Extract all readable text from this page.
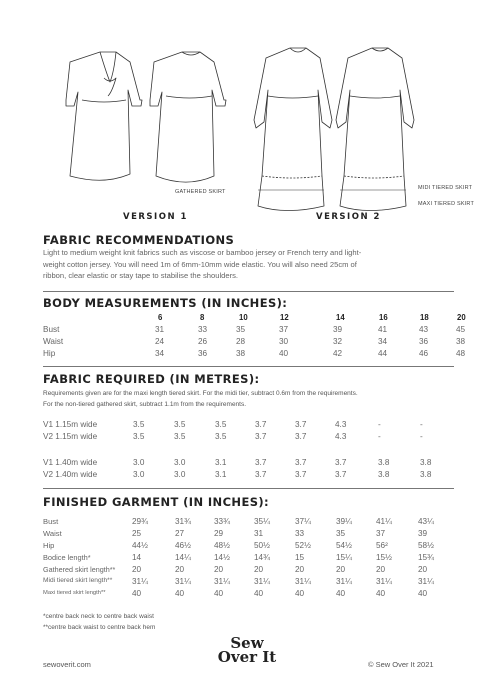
GATHERED SKIRT
MIDI TIERED SKIRT
MAXI TIERED SKIRT
VERSION 1	VERSION 2
FABRIC RECOMMENDATIONS
Light to medium weight knit fabrics such as viscose or bamboo jersey or French terry and light-
weight cotton jersey. You will need 1m of 6mm-10mm wide elastic. You will also need 25cm of
ribbon, clear elastic or stay tape to stabilise the shoulders.
BODY MEASUREMENTS (IN INCHES):
6	8	10	12	14	16	18	20
Bust	31	33	35	37	39	41	43	45
Waist	24	26	28	30	32	34	36	38
Hip	34	36	38	40	42	44	46	48
FABRIC REQUIRED (IN METRES):
Requirements given are for the maxi length tiered skirt. For the midi tier, subtract 0.6m from the requirements.
For the non-tiered gathered skirt, subtract 1.1m from the requirements.
V1 1.15m wide	3.5	3.5	3.5	3.7	3.7	4.3	-	-
V2 1.15m wide	3.5	3.5	3.5	3.7	3.7	4.3	-	-
V1 1.40m wide	3.0	3.0	3.1	3.7	3.7	3.7	3.8	3.8
V2 1.40m wide	3.0	3.0	3.1	3.7	3.7	3.7	3.8	3.8
FINISHED GARMENT (IN INCHES):
Bust	29¾	31¾	33¾	35¼	37¼	39¼	41¼	43¼
Waist	25	27	29	31	33	35	37	39
Hip	44½	46½	48½	50½	52½	54½	56²	58½
Bodice length*	14	14¼	14½	14¾	15	15¼	15½	15¾
Gathered skirt length** 20	20	20	20	20	20	20	20
Midi tiered skirt length** 31¼	31¼	31¼	31¼	31¼	31¼	31¼	31¼
Maxi tiered skirt length**	40	40	40	40	40	40	40	40
*centre back neck to centre back waist
**centre back waist to centre back hem
sewoverit.com
Sew
Over It	© Sew Over It 2021
